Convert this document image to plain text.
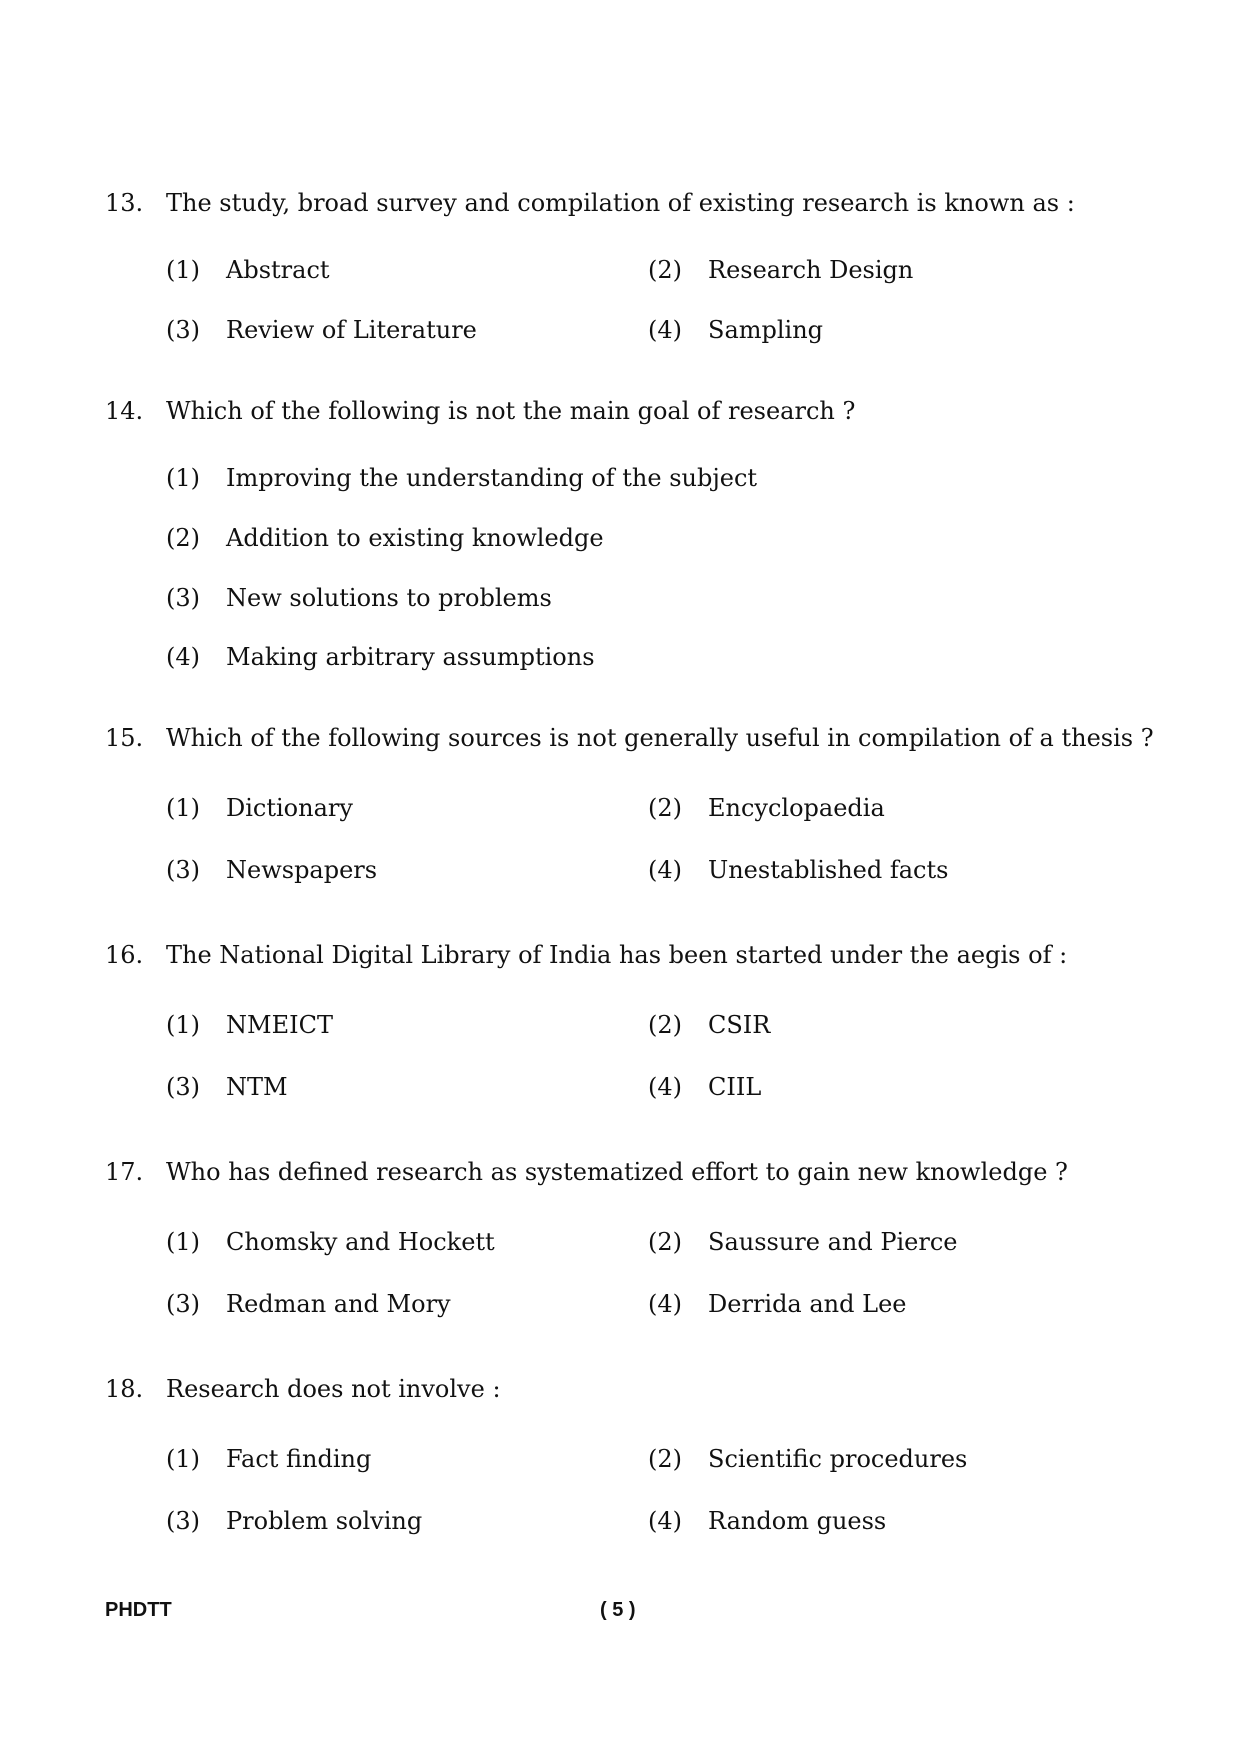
13. The study, broad survey and compilation of existing research is known as :
(1) Abstract	(2) Research Design
(3) Review of Literature	(4) Sampling
14. Which of the following is not the main goal of research ?
(1) Improving the understanding of the subject
(2) Addition to existing knowledge
(3) New solutions to problems
(4) Making arbitrary assumptions
15. Which of the following sources is not generally useful in compilation of a thesis ?
(1) Dictionary	(2) Encyclopaedia
(3) Newspapers	(4) Unestablished facts
16. The National Digital Library of India has been started under the aegis of :
(1) NMEICT	(2) CSIR
(3) NTM	(4) CIIL
17. Who has defined research as systematized effort to gain new knowledge ?
(1) Chomsky and Hockett	(2) Saussure and Pierce
(3) Redman and Mory	(4) Derrida and Lee
18. Research does not involve :
(1) Fact finding	(2) Scientific procedures
(3) Problem solving	(4) Random guess
PHDTT	( 5 )
